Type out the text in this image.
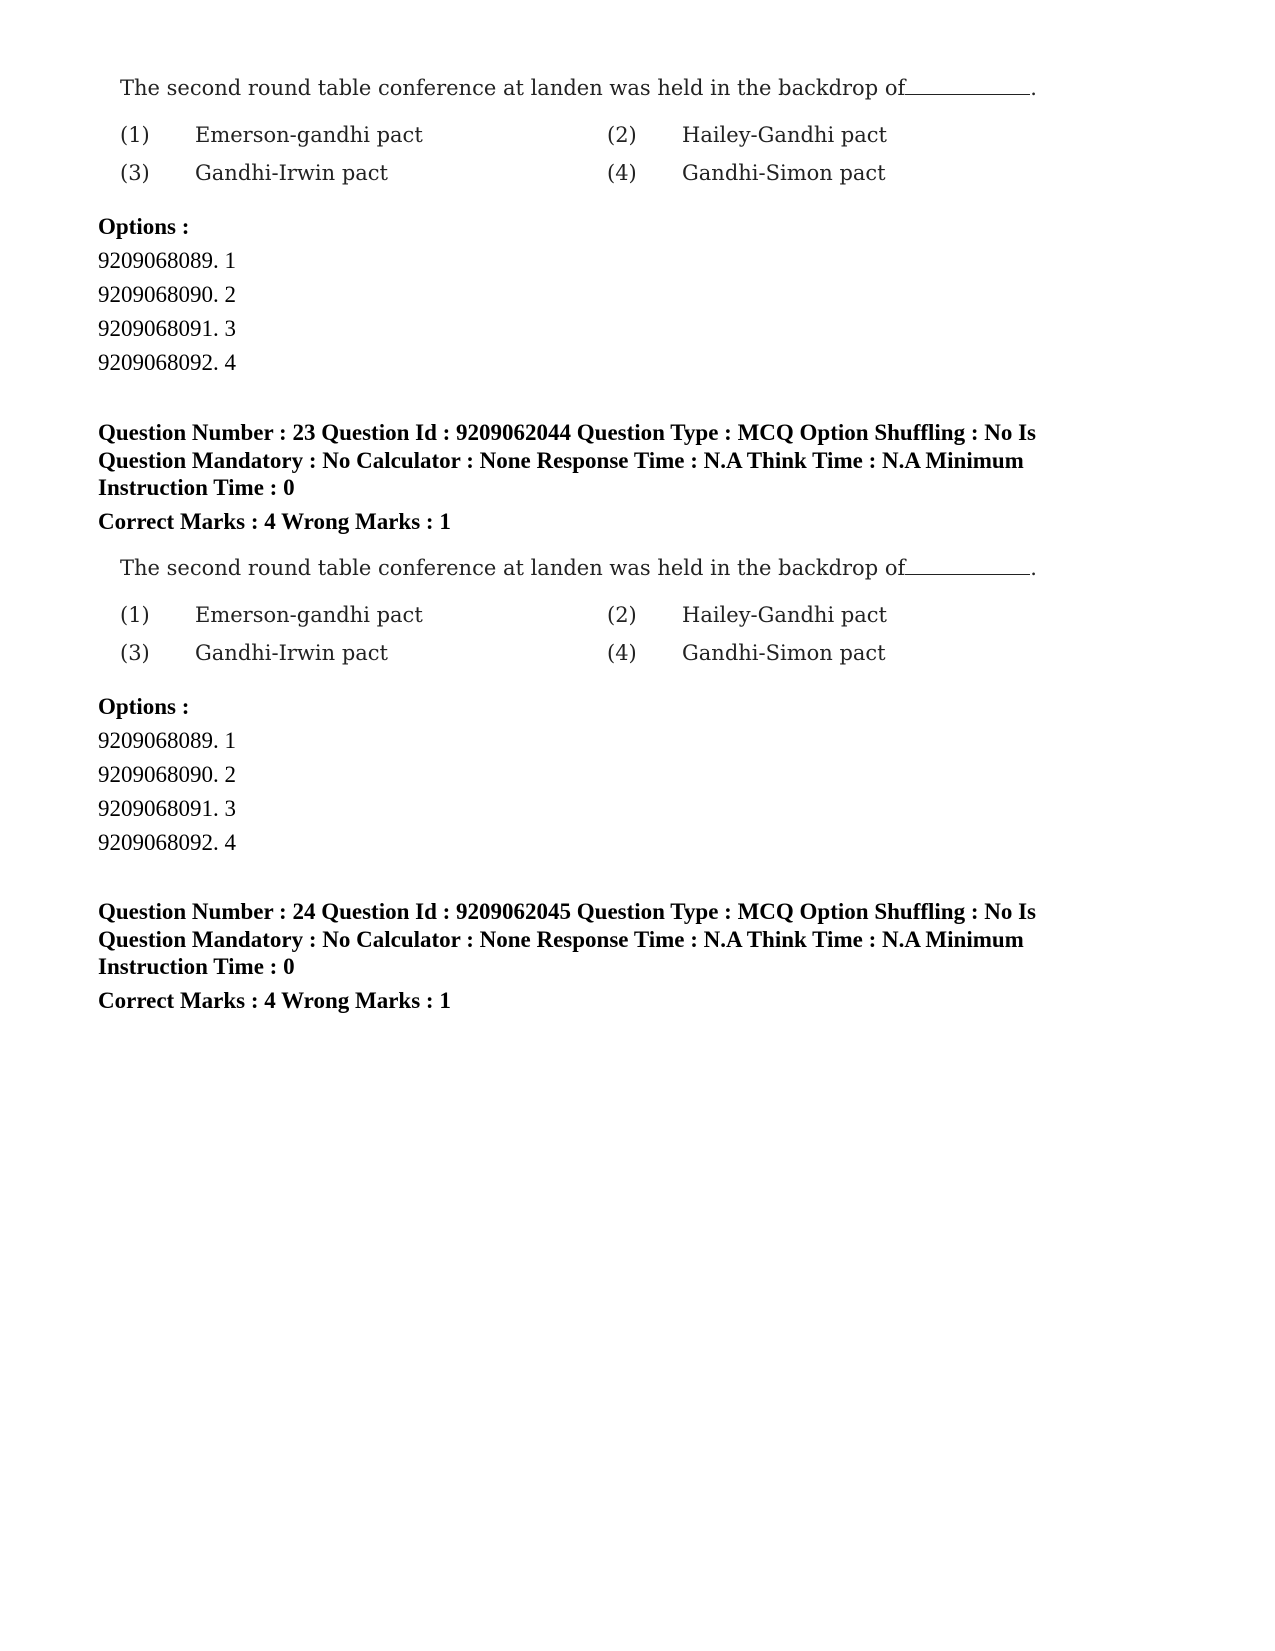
The second round table conference at landen was held in the backdrop of	.
(1) Emerson-gandhi pact	(2) Hailey-Gandhi pact
(3) Gandhi-Irwin pact	(4) Gandhi-Simon pact
Options :
9209068089. 1
9209068090. 2
9209068091. 3
9209068092. 4
Question Number : 23 Question Id : 9209062044 Question Type : MCQ Option Shuffling : No Is
Question Mandatory : No Calculator : None Response Time : N.A Think Time : N.A Minimum
Instruction Time : 0
Correct Marks : 4 Wrong Marks : 1
The second round table conference at landen was held in the backdrop of	.
(1) Emerson-gandhi pact	(2) Hailey-Gandhi pact
(3) Gandhi-Irwin pact	(4) Gandhi-Simon pact
Options :
9209068089. 1
9209068090. 2
9209068091. 3
9209068092. 4
Question Number : 24 Question Id : 9209062045 Question Type : MCQ Option Shuffling : No Is
Question Mandatory : No Calculator : None Response Time : N.A Think Time : N.A Minimum
Instruction Time : 0
Correct Marks : 4 Wrong Marks : 1
